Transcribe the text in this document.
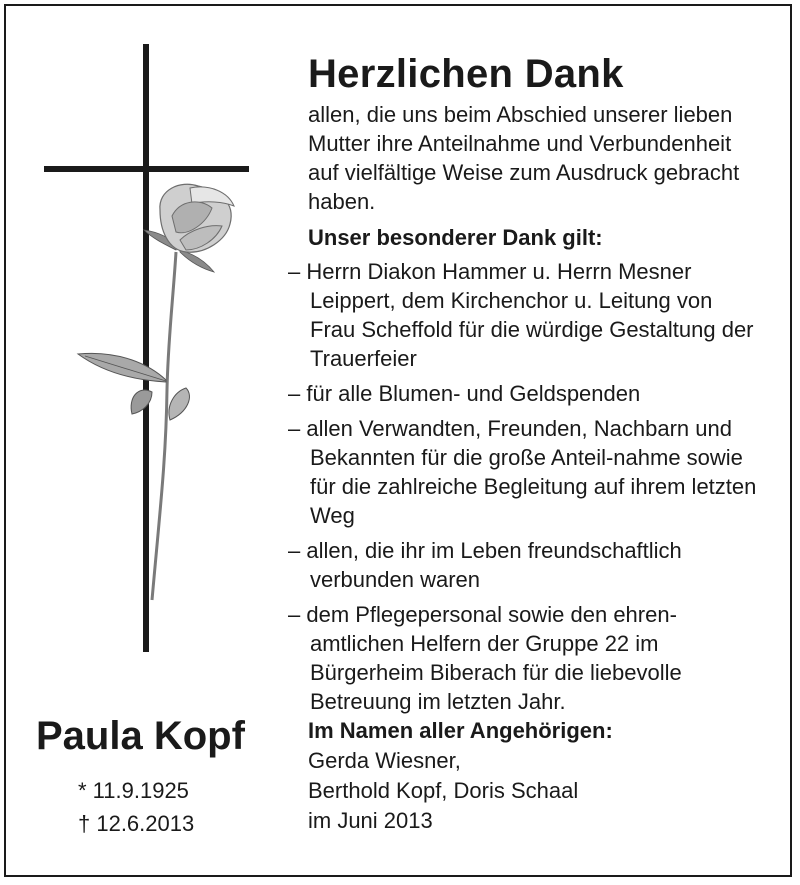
Herzlichen Dank

allen, die uns beim Abschied unserer lieben Mutter ihre Anteilnahme und Verbundenheit auf vielfältige Weise zum Ausdruck gebracht haben.

Unser besonderer Dank gilt:
– Herrn Diakon Hammer u. Herrn Mesner Leippert, dem Kirchenchor u. Leitung von Frau Scheffold für die würdige Gestaltung der Trauerfeier
– für alle Blumen- und Geldspenden
– allen Verwandten, Freunden, Nachbarn und Bekannten für die große Anteil-nahme sowie für die zahlreiche Begleitung auf ihrem letzten Weg
– allen, die ihr im Leben freundschaftlich verbunden waren
– dem Pflegepersonal sowie den ehren-amtlichen Helfern der Gruppe 22 im Bürgerheim Biberach für die liebevolle Betreuung im letzten Jahr.
Paula Kopf
* 11.9.1925
† 12.6.2013
Im Namen aller Angehörigen:
Gerda Wiesner,
Berthold Kopf, Doris Schaal
im Juni 2013
